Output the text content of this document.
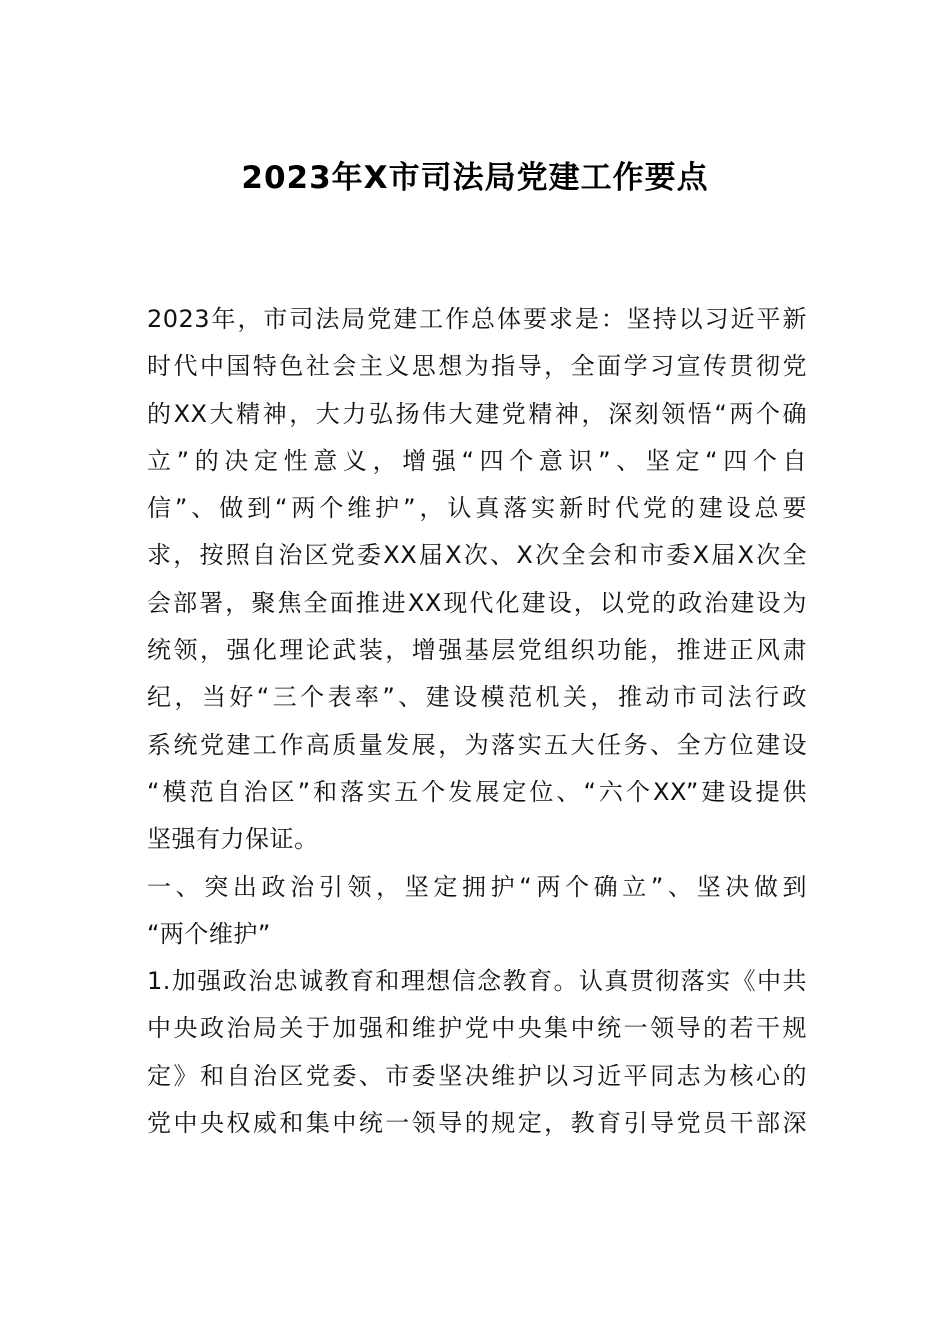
2023年X市司法局党建工作要点
2023年，市司法局党建工作总体要求是：坚持以习近平新
时代中国特色社会主义思想为指导，全面学习宣传贯彻党
的XX大精神，大力弘扬伟大建党精神，深刻领悟“两个确
立”的决定性意义，增强“四个意识”、坚定“四个自
信”、做到“两个维护”，认真落实新时代党的建设总要
求，按照自治区党委XX届X次、X次全会和市委X届X次全
会部署，聚焦全面推进XX现代化建设，以党的政治建设为
统领，强化理论武装，增强基层党组织功能，推进正风肃
纪，当好“三个表率”、建设模范机关，推动市司法行政
系统党建工作高质量发展，为落实五大任务、全方位建设
“模范自治区”和落实五个发展定位、“六个XX”建设提供
坚强有力保证。
一、突出政治引领，坚定拥护“两个确立”、坚决做到
“两个维护”
1.加强政治忠诚教育和理想信念教育。认真贯彻落实《中共
中央政治局关于加强和维护党中央集中统一领导的若干规
定》和自治区党委、市委坚决维护以习近平同志为核心的
党中央权威和集中统一领导的规定，教育引导党员干部深
